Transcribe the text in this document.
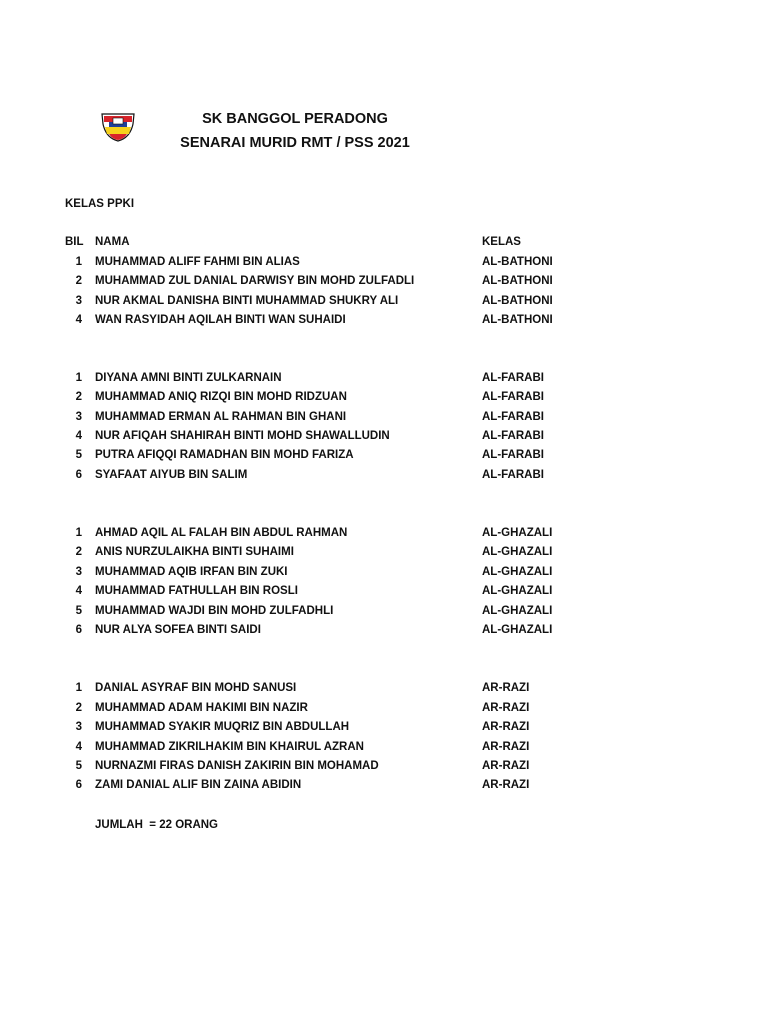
SK BANGGOL PERADONG
SENARAI MURID RMT / PSS 2021
KELAS PPKI
BIL NAMA	KELAS
1 MUHAMMAD ALIFF FAHMI BIN ALIAS	AL-BATHONI
2 MUHAMMAD ZUL DANIAL DARWISY BIN MOHD ZULFADLI	AL-BATHONI
3 NUR AKMAL DANISHA BINTI MUHAMMAD SHUKRY ALI	AL-BATHONI
4 WAN RASYIDAH AQILAH BINTI WAN SUHAIDI	AL-BATHONI
1 DIYANA AMNI BINTI ZULKARNAIN	AL-FARABI
2 MUHAMMAD ANIQ RIZQI BIN MOHD RIDZUAN	AL-FARABI
3 MUHAMMAD ERMAN AL RAHMAN BIN GHANI	AL-FARABI
4 NUR AFIQAH SHAHIRAH BINTI MOHD SHAWALLUDIN	AL-FARABI
5 PUTRA AFIQQI RAMADHAN BIN MOHD FARIZA	AL-FARABI
6 SYAFAAT AIYUB BIN SALIM	AL-FARABI
1 AHMAD AQIL AL FALAH BIN ABDUL RAHMAN	AL-GHAZALI
2 ANIS NURZULAIKHA BINTI SUHAIMI	AL-GHAZALI
3 MUHAMMAD AQIB IRFAN BIN ZUKI	AL-GHAZALI
4 MUHAMMAD FATHULLAH BIN ROSLI	AL-GHAZALI
5 MUHAMMAD WAJDI BIN MOHD ZULFADHLI	AL-GHAZALI
6 NUR ALYA SOFEA BINTI SAIDI	AL-GHAZALI
1 DANIAL ASYRAF BIN MOHD SANUSI	AR-RAZI
2 MUHAMMAD ADAM HAKIMI BIN NAZIR	AR-RAZI
3 MUHAMMAD SYAKIR MUQRIZ BIN ABDULLAH	AR-RAZI
4 MUHAMMAD ZIKRILHAKIM BIN KHAIRUL AZRAN	AR-RAZI
5 NURNAZMI FIRAS DANISH ZAKIRIN BIN MOHAMAD	AR-RAZI
6 ZAMI DANIAL ALIF BIN ZAINA ABIDIN	AR-RAZI
JUMLAH  = 22 ORANG
